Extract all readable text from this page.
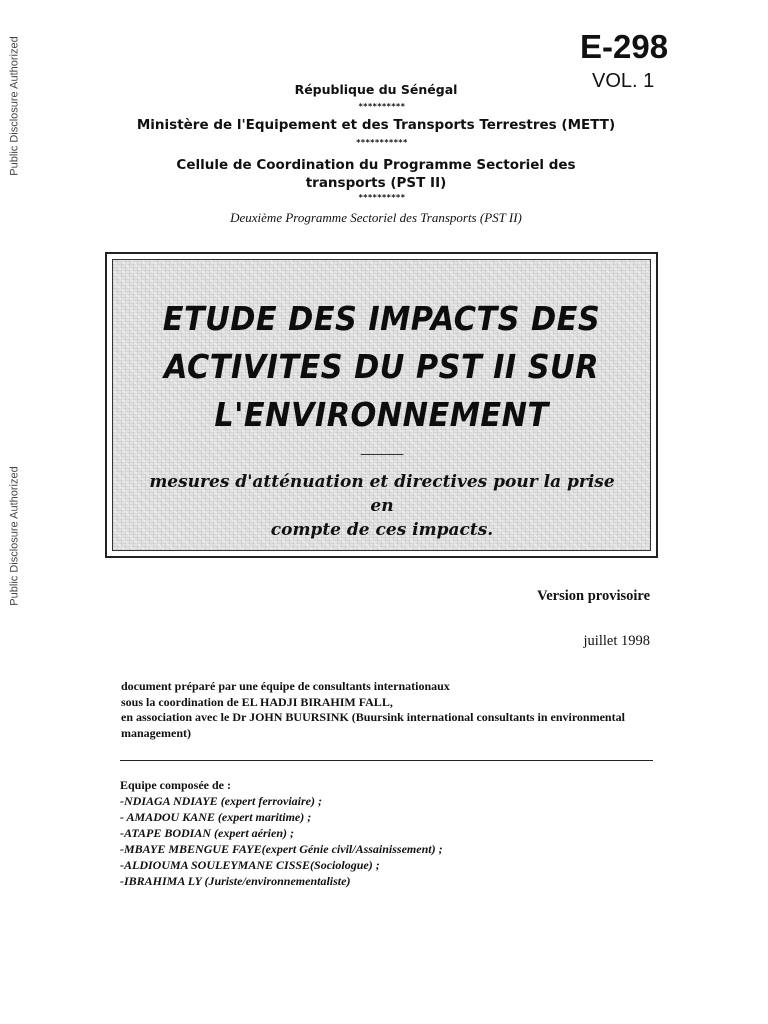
Public Disclosure Authorized
Public Disclosure Authorized
E-298
VOL. 1
République du Sénégal
**********
Ministère de l'Equipement et des Transports Terrestres (METT)
***********
Cellule de Coordination du Programme Sectoriel des
transports (PST II)
**********
Deuxième Programme Sectoriel des Transports (PST II)
ETUDE DES IMPACTS DES
ACTIVITES DU PST II SUR
L'ENVIRONNEMENT
----------------
mesures d'atténuation et directives pour la prise en
compte de ces impacts.
Version provisoire
juillet 1998
document préparé par une équipe de consultants internationaux
sous la coordination de EL HADJI BIRAHIM FALL,
en association avec le Dr JOHN BUURSINK (Buursink international consultants in environmental management)
Equipe composée de :
-NDIAGA NDIAYE (expert ferroviaire) ;
- AMADOU KANE (expert maritime) ;
-ATAPE BODIAN (expert aérien) ;
-MBAYE MBENGUE FAYE(expert Génie civil/Assainissement) ;
-ALDIOUMA SOULEYMANE CISSE(Sociologue) ;
-IBRAHIMA LY (Juriste/environnementaliste)
